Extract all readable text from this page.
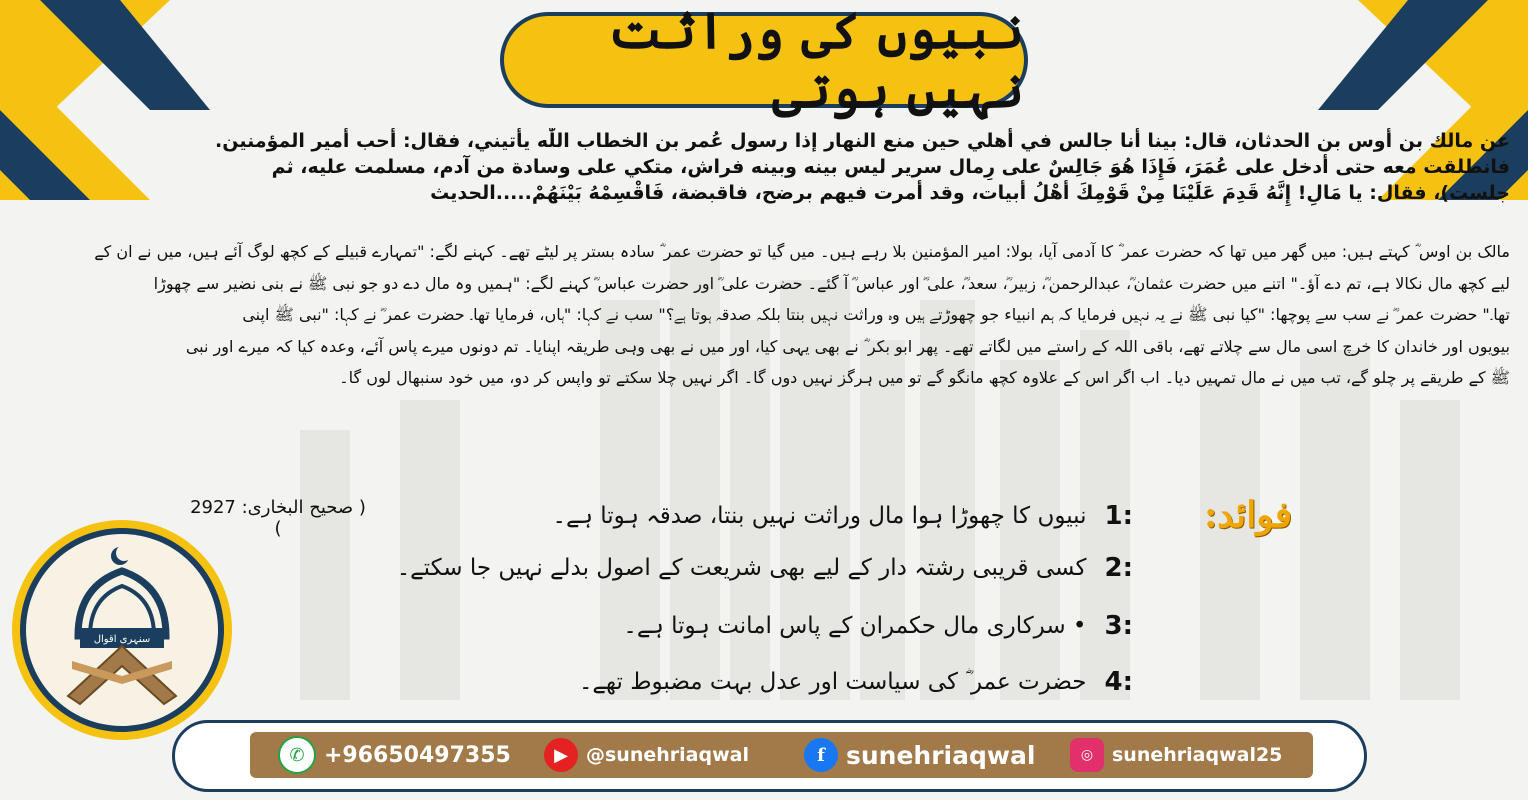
نبیوں کی وراثت نہیں ہوتی
عن مالك بن أوس بن الحدثان، قال: بينا أنا جالس في أهلي حين منع النهار إذا رسول عُمر بن الخطاب اللّٰه يأتيني، فقال: أحب أمير المؤمنين.
فانطلقت معه حتى أدخل على عُمَرَ، فَإِذَا هُوَ جَالِسٌ على رِمال سرير ليس بينه وبينه فراش، متكي على وسادة من آدم، مسلمت عليه، ثم
جلست)، فقال: يا مَالِ! إِنَّهُ قَدِمَ عَلَيْنَا مِنْ قَوْمِكَ أَهْلُ أبيات، وقد أمرت فيهم برضح، فاقبضة، فَاقْسِمْهُ بَيْنَهُمْ.....الحديث
مالک بن اوس ؓ کہتے ہیں: میں گھر میں تھا کہ حضرت عمر ؓ کا آدمی آیا، بولا: امیر المؤمنین بلا رہے ہیں۔ میں گیا تو حضرت عمر ؓ سادہ بستر پر لیٹے تھے۔ کہنے لگے: "تمہارے قبیلے کے کچھ لوگ آئے ہیں، میں نے ان کے
لیے کچھ مال نکالا ہے، تم دے آؤ۔" اتنے میں حضرت عثمان ؓ، عبدالرحمن ؓ، زبیر ؓ، سعد ؓ، علی ؓ اور عباس ؓ آ گئے۔ حضرت علی ؓ اور حضرت عباس ؓ کہنے لگے: "ہمیں وہ مال دے دو جو نبی ﷺ نے بنی نضیر سے چھوڑا
تھا۔" حضرت عمر ؓ نے سب سے پوچھا: "کیا نبی ﷺ نے یہ نہیں فرمایا کہ ہم انبیاء جو چھوڑتے ہیں وہ وراثت نہیں بنتا بلکہ صدقہ ہوتا ہے؟" سب نے کہا: "ہاں، فرمایا تھا۔ حضرت عمر ؓ نے کہا: "نبی ﷺ اپنی
بیویوں اور خاندان کا خرچ اسی مال سے چلاتے تھے، باقی اللہ کے راستے میں لگاتے تھے۔ پھر ابو بکر ؓ نے بھی یہی کیا، اور میں نے بھی وہی طریقہ اپنایا۔ تم دونوں میرے پاس آئے، وعدہ کیا کہ میرے اور نبی
ﷺ کے طریقے پر چلو گے، تب میں نے مال تمہیں دیا۔ اب اگر اس کے علاوہ کچھ مانگو گے تو میں ہرگز نہیں دوں گا۔ اگر نہیں چلا سکتے تو واپس کر دو، میں خود سنبھال لوں گا۔
( صحیح البخاری: 2927 )	فوائد:
1:
نبیوں کا چھوڑا ہوا مال وراثت نہیں بنتا، صدقہ ہوتا ہے۔
2:
کسی قریبی رشتہ دار کے لیے بھی شریعت کے اصول بدلے نہیں جا سکتے۔
3:
• سرکاری مال حکمران کے پاس امانت ہوتا ہے۔
4:
حضرت عمر ؓ کی سیاست اور عدل بہت مضبوط تھے۔
سنہری اقوال
✆ +96650497355	▶ @sunehriaqwal	f sunehriaqwal	◎ sunehriaqwal25
